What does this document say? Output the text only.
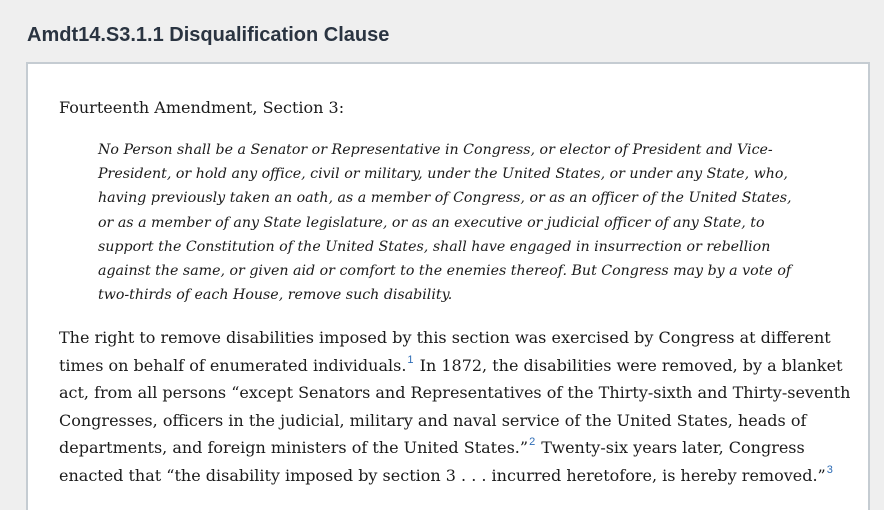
Amdt14.S3.1.1 Disqualification Clause

Fourteenth Amendment, Section 3:

No Person shall be a Senator or Representative in Congress, or elector of President and Vice-
President, or hold any office, civil or military, under the United States, or under any State, who,
having previously taken an oath, as a member of Congress, or as an officer of the United States,
or as a member of any State legislature, or as an executive or judicial officer of any State, to
support the Constitution of the United States, shall have engaged in insurrection or rebellion
against the same, or given aid or comfort to the enemies thereof. But Congress may by a vote of
two-thirds of each House, remove such disability.

The right to remove disabilities imposed by this section was exercised by Congress at different
times on behalf of enumerated individuals.$^1$ In 1872, the disabilities were removed, by a blanket
act, from all persons “except Senators and Representatives of the Thirty-sixth and Thirty-seventh
Congresses, officers in the judicial, military and naval service of the United States, heads of
departments, and foreign ministers of the United States.”$^2$ Twenty-six years later, Congress
enacted that “the disability imposed by section 3 . . . incurred heretofore, is hereby removed.”$^3$
